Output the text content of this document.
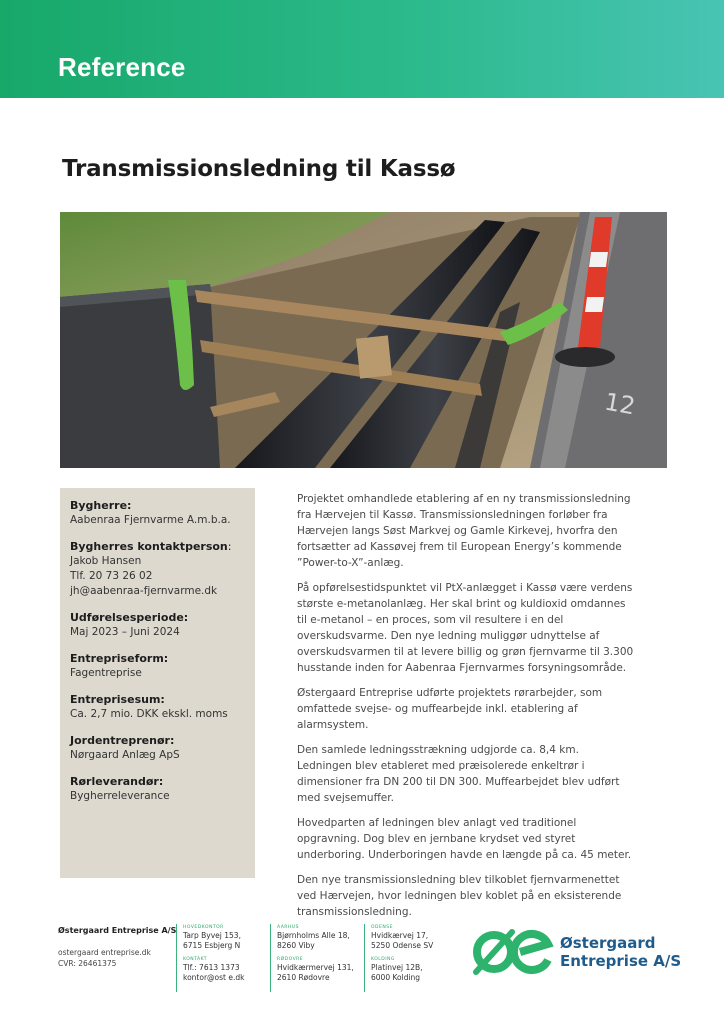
Reference
Transmissionsledning til Kassø
12
Bygherre:
Aabenraa Fjernvarme A.m.b.a.
Bygherres kontaktperson:
Jakob Hansen
Tlf. 20 73 26 02
jh@aabenraa-fjernvarme.dk
Udførelsesperiode:
Maj 2023 – Juni 2024
Entrepriseform:
Fagentreprise
Entreprisesum:
Ca. 2,7 mio. DKK ekskl. moms
Jordentreprenør:
Nørgaard Anlæg ApS
Rørleverandør:
Bygherreleverance

Projektet omhandlede etablering af en ny transmissionsledning fra Hærvejen til Kassø. Transmissionsledningen forløber fra Hærvejen langs Søst Markvej og Gamle Kirkevej, hvorfra den fortsætter ad Kassøvej frem til European Energy’s kommende ”Power-to-X”-anlæg.

På opførelsestidspunktet vil PtX-anlægget i Kassø være verdens største e-metanolanlæg. Her skal brint og kuldioxid omdannes til e-metanol – en proces, som vil resultere i en del overskudsvarme. Den nye ledning muliggør udnyttelse af overskudsvarmen til at levere billig og grøn fjernvarme til 3.300 husstande inden for Aabenraa Fjernvarmes forsyningsområde.

Østergaard Entreprise udførte projektets rørarbejder, som omfattede svejse- og muffearbejde inkl. etablering af alarmsystem.

Den samlede ledningsstrækning udgjorde ca. 8,4 km. Ledningen blev etableret med præisolerede enkeltrør i dimensioner fra DN 200 til DN 300. Muffearbejdet blev udført med svejsemuffer.

Hovedparten af ledningen blev anlagt ved traditionel opgravning. Dog blev en jernbane krydset ved styret underboring. Underboringen havde en længde på ca. 45 meter.

Den nye transmissionsledning blev tilkoblet fjernvarmenettet ved Hærvejen, hvor ledningen blev koblet på en eksisterende transmissionsledning.

Østergaard Entreprise A/S
ostergaard entreprise.dk
CVR: 26461375
HOVEDKONTOR
Tarp Byvej 153,
6715 Esbjerg N
KONTAKT
Tlf.: 7613 1373
kontor@ost e.dk
AARHUS
Bjørnholms Alle 18,
8260 Viby
RØDOVRE
Hvidkærmervej 131,
2610 Rødovre
ODENSE
Hvidkærvej 17,
5250 Odense SV
KOLDING
Platinvej 12B,
6000 Kolding
Østergaard
Entreprise A/S
